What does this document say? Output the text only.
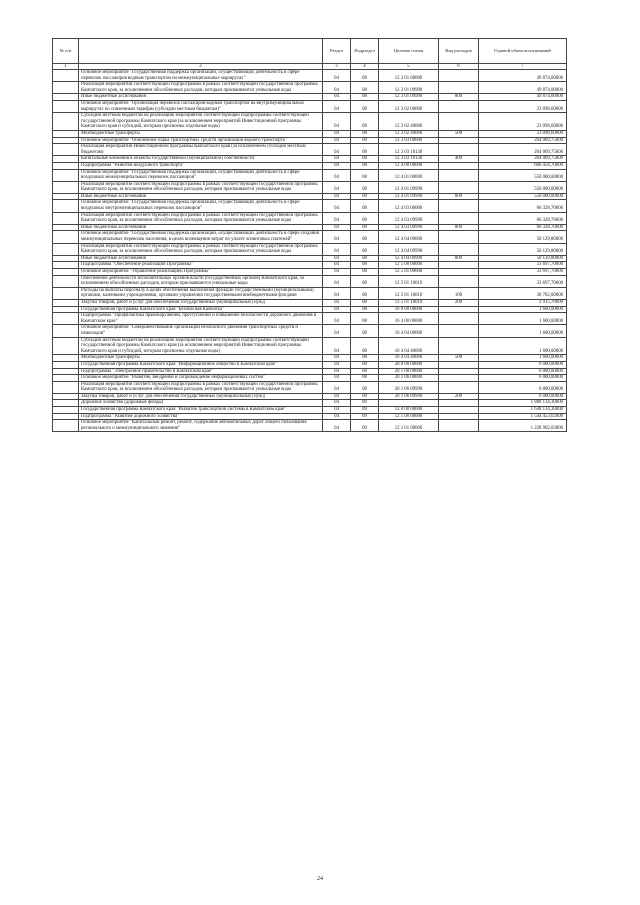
№ п/п		Раздел	Подраздел	Целевая статья	Вид расходов	Годовой объем ассигнований
1	2	3	4	5	6	7
	Основное мероприятие "Государственная поддержка организаций, осуществляющих деятельность в сфере перевозок пассажиров водным транспортом на межмуниципальных маршрутах"	04	08	12 3 01 00000		49 874,00000
	Реализация мероприятий соответствующей подпрограммы в рамках соответствующей государственной программы Камчатского края, за исключением обособленных расходов, которым присваиваются уникальные коды	04	08	12 3 01 09990		49 874,00000
	Иные бюджетные ассигнования	04	08	12 3 01 09990	800	49 874,00000
	Основное мероприятие "Организация перевозок пассажиров водным транспортом на внутримуниципальных маршрутах по сниженным тарифам (субсидии местным бюджетам)"	04	08	12 3 02 00000		23 098,60000
	Субсидии местным бюджетам на реализацию мероприятий соответствующей подпрограммы соответствующей государственной программы Камчатского края (за исключением мероприятий Инвестиционной программы Камчатского края и субсидий, которым присвоены отдельные коды)	04	08	12 3 02 40060		23 098,60000
	Межбюджетные трансферты	04	08	12 3 02 40060	500	23 098,60000
	Основное мероприятие "Обновление парка транспортных средств организаций водного транспорта"	04	08	12 3 03 00000		264 069,75000
	Реализация мероприятий Инвестиционной программы Камчатского края (за исключением субсидий местным бюджетам)	04	08	12 3 03 10130		264 069,75000
	Капитальные вложения в объекты государственной (муниципальной) собственности	04	08	12 3 03 10130	400	264 069,75000
	Подпрограмма "Развитие воздушного транспорта"	04	08	12 4 00 00000		666 458,70000
	Основное мероприятие "Государственная поддержка организаций, осуществляющих деятельность в сфере воздушных межмуниципальных перевозок пассажиров"	04	08	12 4 01 00000		550 000,00000
	Реализация мероприятий соответствующей подпрограммы в рамках соответствующей государственной программы Камчатского края, за исключением обособленных расходов, которым присваиваются уникальные коды	04	08	12 4 01 09990		550 000,00000
	Иные бюджетные ассигнования	04	08	12 4 01 09990	800	550 000,00000
	Основное мероприятие "Государственная поддержка организаций, осуществляющих деятельность в сфере воздушных внутримуниципальных перевозок пассажиров"	04	08	12 4 03 00000		66 328,70000
	Реализация мероприятий соответствующей подпрограммы в рамках соответствующей государственной программы Камчатского края, за исключением обособленных расходов, которым присваиваются уникальные коды	04	08	12 4 03 09990		66 328,70000
	Иные бюджетные ассигнования	04	08	12 4 03 09990	800	66 328,70000
	Основное мероприятие "Государственная поддержка организаций, осуществляющих деятельность в сфере создания межмуниципальных перевозок населения, в целях возмещения затрат по уплате лизинговых платежей"	04	08	12 4 04 00000		50 129,80000
	Реализация мероприятий соответствующей подпрограммы в рамках соответствующей государственной программы Камчатского края, за исключением обособленных расходов, которым присваиваются уникальные коды	04	08	12 4 04 09990		50 129,80000
	Иные бюджетные ассигнования	04	08	12 4 04 09990	800	50 129,80000
	Подпрограмма "Обеспечение реализации Программы"	04	08	12 5 00 00000		33 697,70000
	Основное мероприятие "Управление реализацией Программы"	04	08	12 5 01 00000		33 697,70000
	Обеспечение деятельности исполнительных органов власти (государственных органов) Камчатского края, за исключением обособленных расходов, которым присваиваются уникальные коды	04	08	12 5 01 10010		33 697,70000
	Расходы на выплаты персоналу в целях обеспечения выполнения функций государственными (муниципальными) органами, казенными учреждениями, органами управления государственными внебюджетными фондами	04	08	12 5 01 10010	100	30 782,00000
	Закупка товаров, работ и услуг для обеспечения государственных (муниципальных) нужд	04	08	12 5 01 10010	200	2 915,70000
	Государственная программа Камчатского края "Безопасная Камчатка"	04	08	16 0 00 00000		1 600,00000
	Подпрограмма "Профилактика правонарушений, преступлений и повышение безопасности дорожного движения в Камчатском крае"	04	08	16 4 00 00000		1 600,00000
	Основное мероприятие "Совершенствование организации безопасного движения транспортных средств и пешеходов"	04	08	16 4 04 00000		1 600,00000
	Субсидии местным бюджетам на реализацию мероприятий соответствующей подпрограммы соответствующей государственной программы Камчатского края (за исключением мероприятий Инвестиционной программы Камчатского края и субсидий, которым присвоены отдельные коды)	04	08	16 4 04 40060		1 600,00000
	Межбюджетные трансферты	04	08	16 4 04 40060	500	1 600,00000
	Государственная программа Камчатского края "Информационное общество в Камчатском крае"	04	08	20 0 00 00000		6 000,00000
	Подпрограмма "Электронное правительство в Камчатском крае"	04	08	20 1 00 00000		6 000,00000
	Основное мероприятие "Развитие, внедрение и сопровождение информационных систем"	04	08	20 1 06 00000		6 000,00000
	Реализация мероприятий соответствующей подпрограммы в рамках соответствующей государственной программы Камчатского края, за исключением обособленных расходов, которым присваиваются уникальные коды	04	08	20 1 06 09990		6 000,00000
	Закупка товаров, работ и услуг для обеспечения государственных (муниципальных) нужд	04	08	20 1 06 09990	200	6 000,00000
	Дорожное хозяйство (дорожные фонды)	04	09			1 888 134,30000
	Государственная программа Камчатского края "Развитие транспортной системы в Камчатском крае"	04	09	12 0 00 00000		1 638 134,30000
	Подпрограмма "Развитие дорожного хозяйства"	04	09	12 1 00 00000		1 544 453,02000
	Основное мероприятие "Капитальный ремонт, ремонт, содержание автомобильных дорог общего пользования регионального и межмуниципального значения"	04	09	12 1 01 00000		1 228 902,03000
24
